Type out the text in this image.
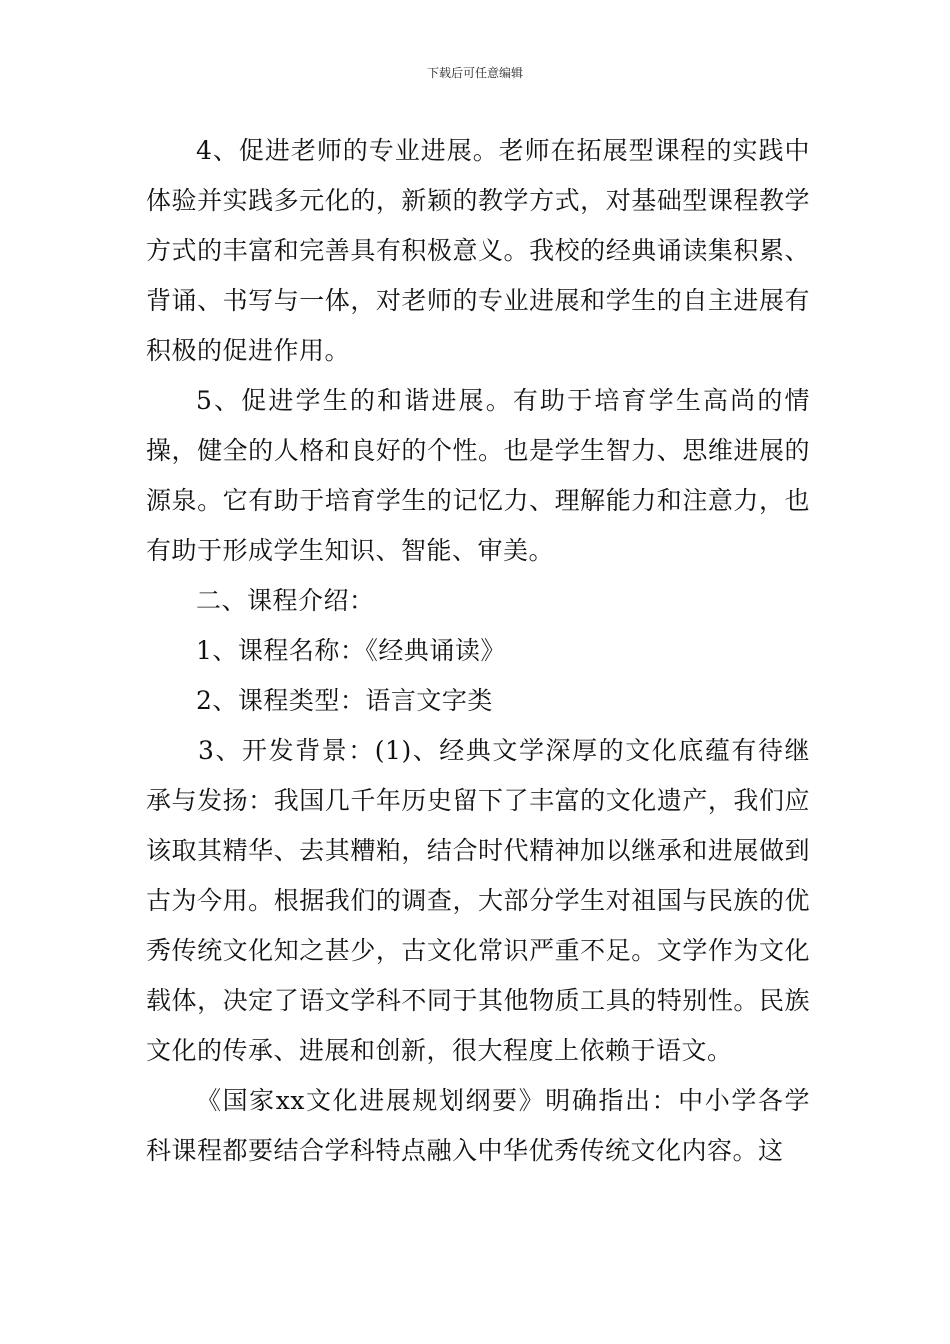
下载后可任意编辑

4、促进老师的专业进展。老师在拓展型课程的实践中体验并实践多元化的，新颖的教学方式，对基础型课程教学方式的丰富和完善具有积极意义。我校的经典诵读集积累、背诵、书写与一体，对老师的专业进展和学生的自主进展有积极的促进作用。

5、促进学生的和谐进展。有助于培育学生高尚的情操，健全的人格和良好的个性。也是学生智力、思维进展的源泉。它有助于培育学生的记忆力、理解能力和注意力，也有助于形成学生知识、智能、审美。

二、课程介绍：

1、课程名称：《经典诵读》

2、课程类型：语言文字类

3、开发背景：(1)、经典文学深厚的文化底蕴有待继承与发扬：我国几千年历史留下了丰富的文化遗产，我们应该取其精华、去其糟粕，结合时代精神加以继承和进展做到古为今用。根据我们的调查，大部分学生对祖国与民族的优秀传统文化知之甚少，古文化常识严重不足。文学作为文化载体，决定了语文学科不同于其他物质工具的特别性。民族文化的传承、进展和创新，很大程度上依赖于语文。

《国家xx文化进展规划纲要》明确指出：中小学各学科课程都要结合学科特点融入中华优秀传统文化内容。这
